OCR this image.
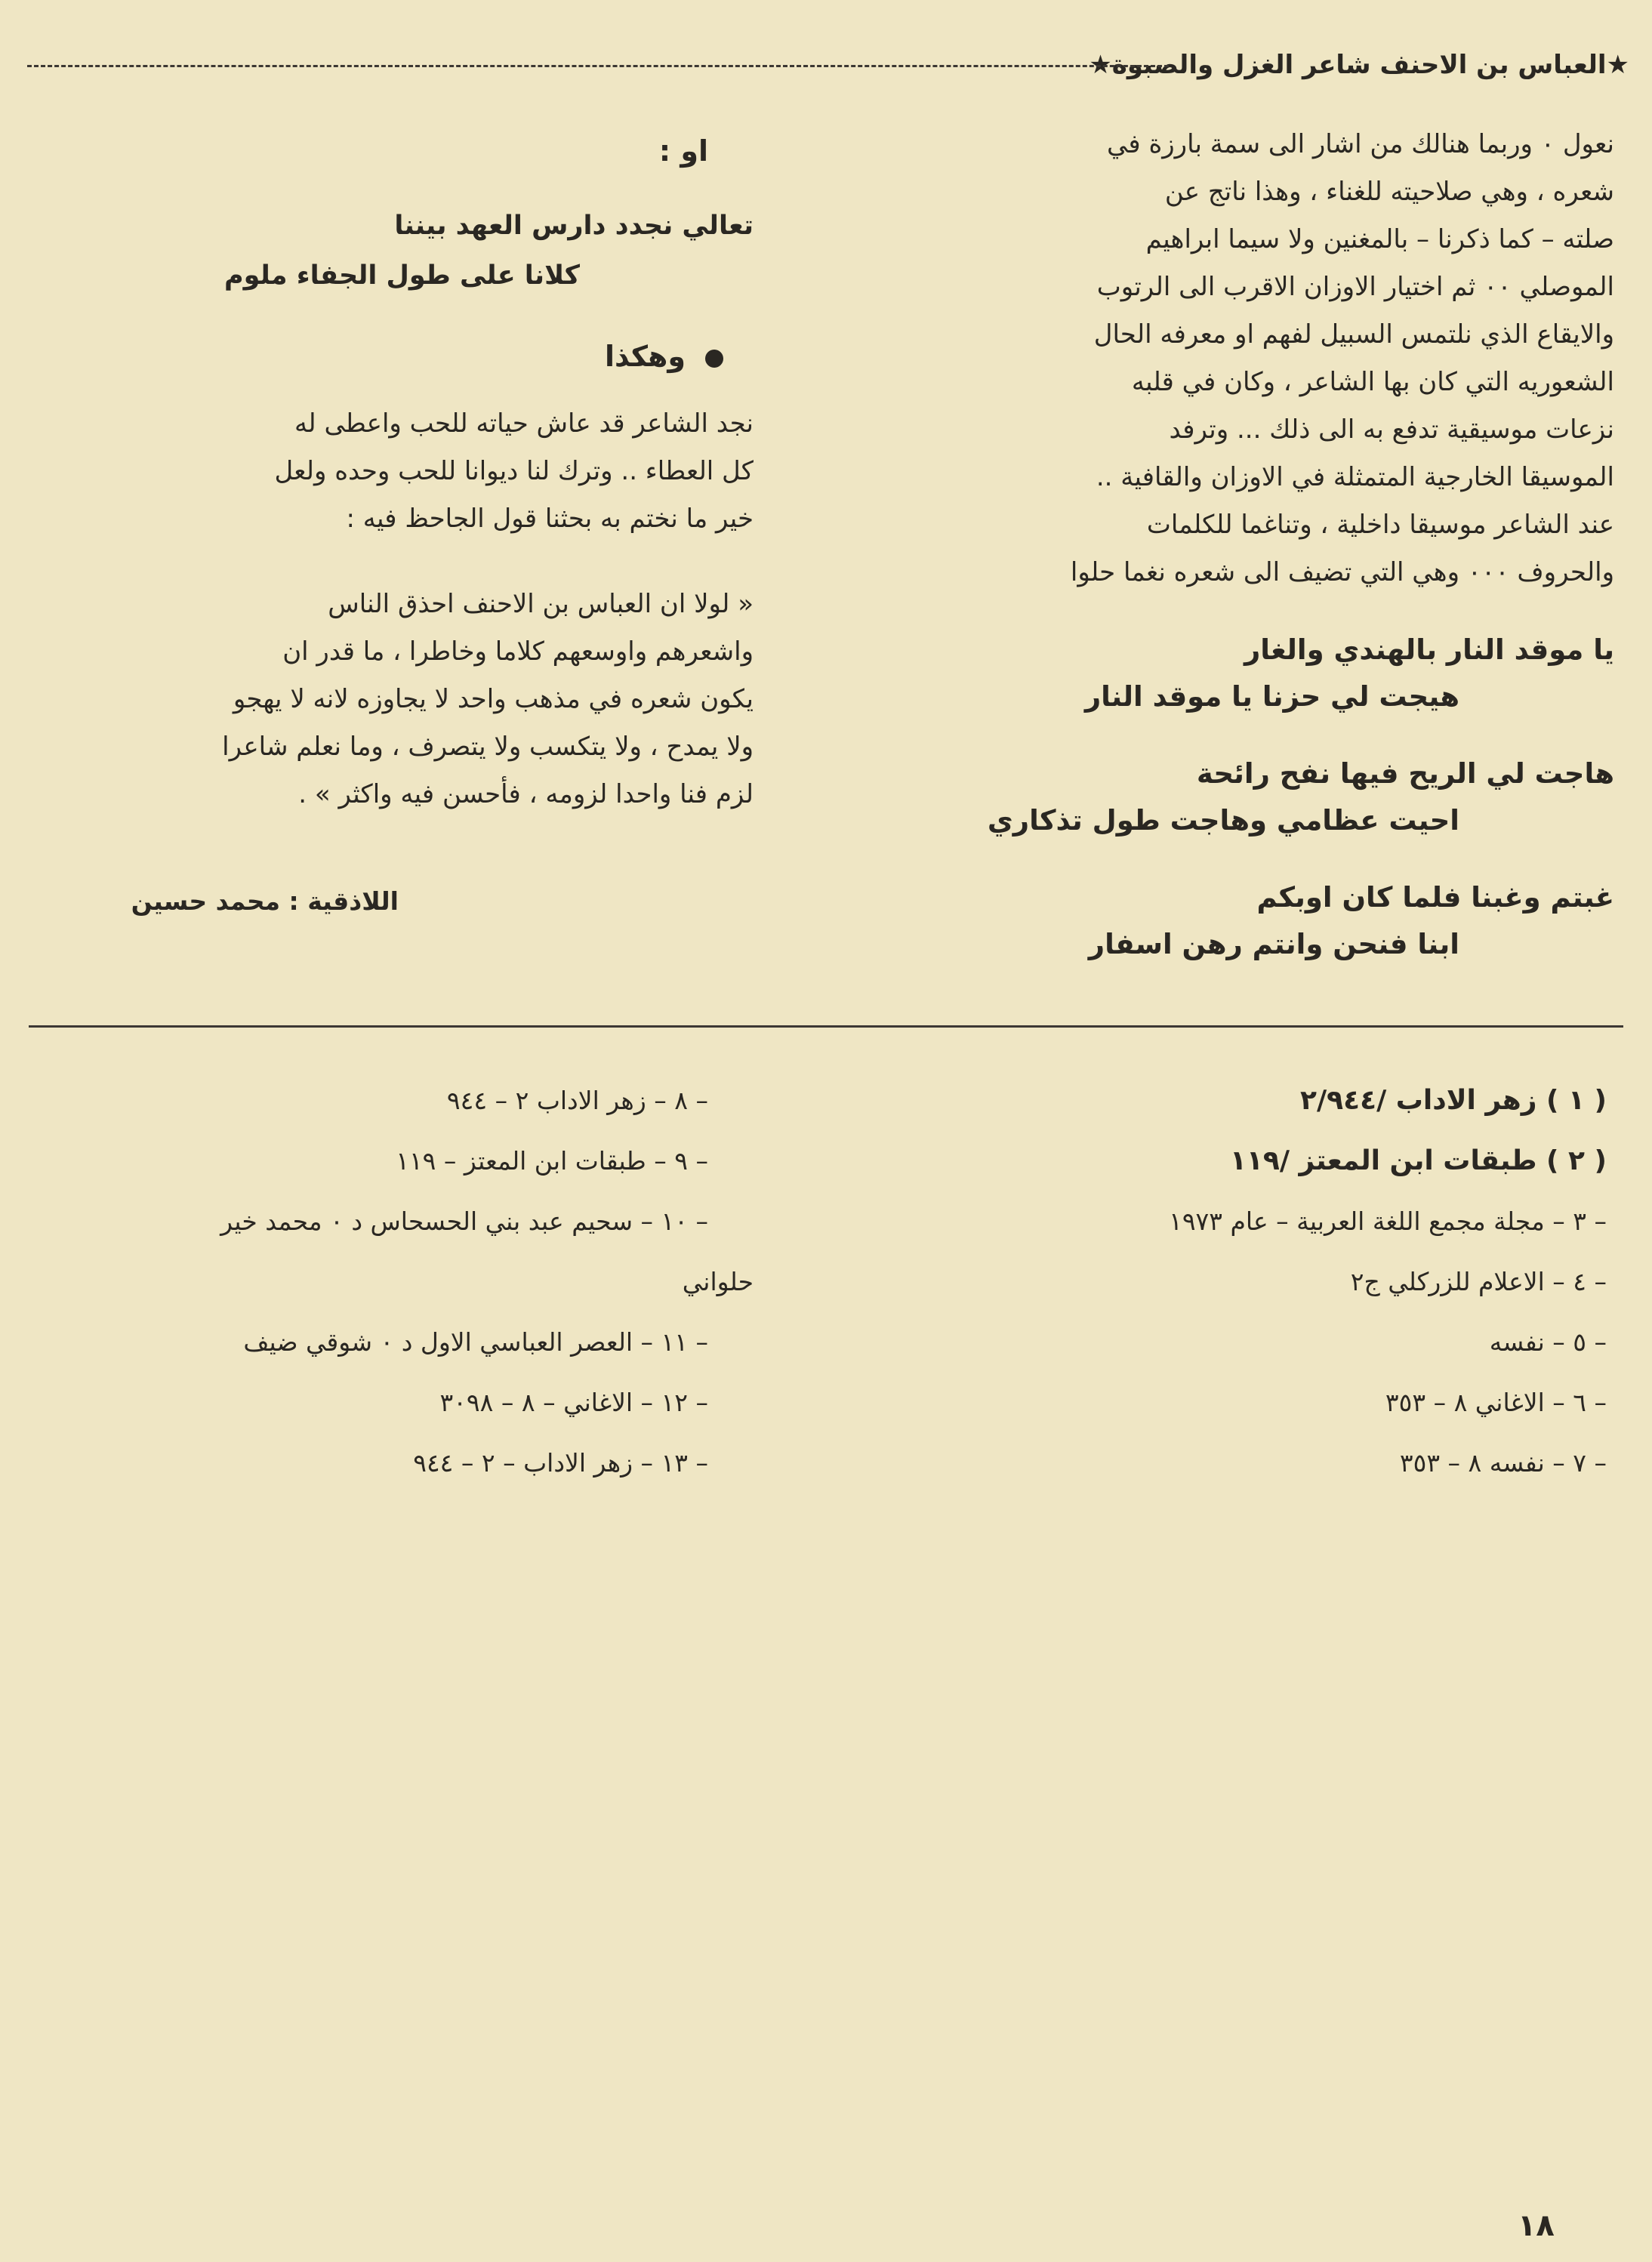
★العباس بن الاحنف شاعر الغزل والصبوة★

نعول ٠ وربما هنالك من اشار الى سمة بارزة في

شعره ، وهي صلاحيته للغناء ، وهذا ناتج عن

صلته – كما ذكرنا – بالمغنين ولا سيما ابراهيم

الموصلي ٠٠ ثم اختيار الاوزان الاقرب الى الرتوب

والايقاع الذي نلتمس السبيل لفهم او معرفه الحال

الشعوريه التي كان بها الشاعر ، وكان في قلبه

نزعات موسيقية تدفع به الى ذلك ... وترفد

الموسيقا الخارجية المتمثلة في الاوزان والقافية ..

عند الشاعر موسيقا داخلية ، وتناغما للكلمات

والحروف ٠٠٠ وهي التي تضيف الى شعره نغما حلوا

يا موقد النار بالهندي والغار

هيجت لي حزنا يا موقد النار

هاجت لي الريح فيها نفح رائحة

احيت عظامي وهاجت طول تذكاري

غبتم وغبنا فلما كان اوبكم

ابنا فنحن وانتم رهن اسفار

او :

تعالي نجدد دارس العهد بيننا

كلانا على طول الجفاء ملوم

وهكذا

نجد الشاعر قد عاش حياته للحب واعطى له

كل العطاء .. وترك لنا ديوانا للحب وحده ولعل

خير ما نختم به بحثنا قول الجاحظ فيه :

« لولا ان العباس بن الاحنف احذق الناس

واشعرهم واوسعهم كلاما وخاطرا ، ما قدر ان

يكون شعره في مذهب واحد لا يجاوزه لانه لا يهجو

ولا يمدح ، ولا يتكسب ولا يتصرف ، وما نعلم شاعرا

لزم فنا واحدا لزومه ، فأحسن فيه واكثر » .

اللاذقية : محمد حسين

( ١ ) زهر الاداب /٢/٩٤٤

( ٢ ) طبقات ابن المعتز /١١٩

– ٣ – مجلة مجمع اللغة العربية – عام ١٩٧٣

– ٤ – الاعلام للزركلي ج٢

– ٥ – نفسه

– ٦ – الاغاني ٨ – ٣٥٣

– ٧ – نفسه ٨ – ٣٥٣

– ٨ – زهر الاداب ٢ – ٩٤٤

– ٩ – طبقات ابن المعتز – ١١٩

– ١٠ – سحيم عبد بني الحسحاس د ٠ محمد خير

حلواني

– ١١ – العصر العباسي الاول د ٠ شوقي ضيف

– ١٢ – الاغاني – ٨ – ٣٠٩٨

– ١٣ – زهر الاداب – ٢ – ٩٤٤

١٨
